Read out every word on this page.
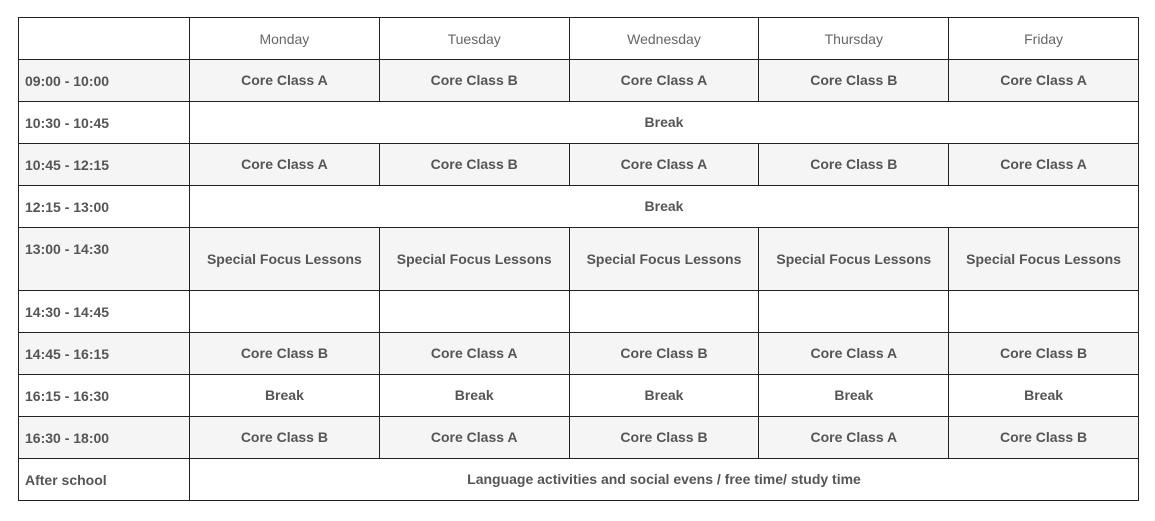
	Monday	Tuesday	Wednesday	Thursday	Friday
09:00 - 10:00	Core Class A	Core Class B	Core Class A	Core Class B	Core Class A
10:30 - 10:45	Break				
10:45 - 12:15	Core Class A	Core Class B	Core Class A	Core Class B	Core Class A
12:15 - 13:00	Break				
13:00 - 14:30	Special Focus Lessons	Special Focus Lessons	Special Focus Lessons	Special Focus Lessons	Special Focus Lessons
14:30 - 14:45					
14:45 - 16:15	Core Class B	Core Class A	Core Class B	Core Class A	Core Class B
16:15 - 16:30	Break	Break	Break	Break	Break
16:30 - 18:00	Core Class B	Core Class A	Core Class B	Core Class A	Core Class B
After school	Language activities and social evens / free time/ study time				
